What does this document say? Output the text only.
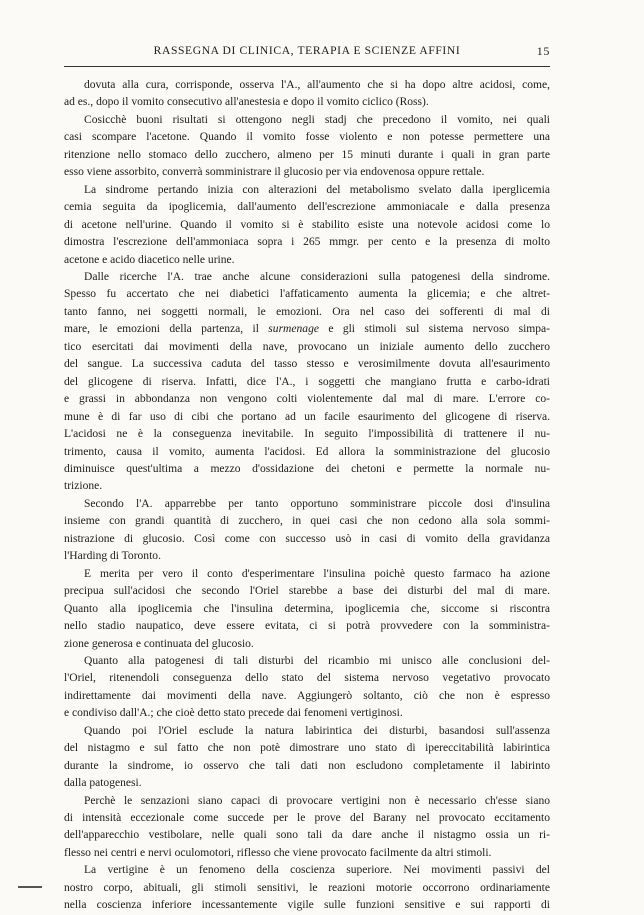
RASSEGNA DI CLINICA, TERAPIA E SCIENZE AFFINI	15

dovuta alla cura, corrisponde, osserva l'A., all'aumento che si ha dopo altre acidosi, come,
ad es., dopo il vomito consecutivo all'anestesia e dopo il vomito ciclico (Ross).

Cosicchè buoni risultati si ottengono negli stadj che precedono il vomito, nei quali
casi scompare l'acetone. Quando il vomito fosse violento e non potesse permettere una
ritenzione nello stomaco dello zucchero, almeno per 15 minuti durante i quali in gran parte
esso viene assorbito, converrà somministrare il glucosio per via endovenosa oppure rettale.

La sindrome pertando inizia con alterazioni del metabolismo svelato dalla iperglicemia
cemia seguita da ipoglicemia, dall'aumento dell'escrezione ammoniacale e dalla presenza
di acetone nell'urine. Quando il vomito si è stabilito esiste una notevole acidosi come lo
dimostra l'escrezione dell'ammoniaca sopra i 265 mmgr. per cento e la presenza di molto
acetone e acido diacetico nelle urine.

Dalle ricerche l'A. trae anche alcune considerazioni sulla patogenesi della sindrome.
Spesso fu accertato che nei diabetici l'affaticamento aumenta la glicemia; e che altret-
tanto fanno, nei soggetti normali, le emozioni. Ora nel caso dei sofferenti di mal di
mare, le emozioni della partenza, il surmenage e gli stimoli sul sistema nervoso simpa-
tico esercitati dai movimenti della nave, provocano un iniziale aumento dello zucchero
del sangue. La successiva caduta del tasso stesso e verosimilmente dovuta all'esaurimento
del glicogene di riserva. Infatti, dice l'A., i soggetti che mangiano frutta e carbo-idrati
e grassi in abbondanza non vengono colti violentemente dal mal di mare. L'errore co-
mune è di far uso di cibi che portano ad un facile esaurimento del glicogene di riserva.
L'acidosi ne è la conseguenza inevitabile. In seguito l'impossibilità di trattenere il nu-
trimento, causa il vomito, aumenta l'acidosi. Ed allora la somministrazione del glucosio
diminuisce quest'ultima a mezzo d'ossidazione dei chetoni e permette la normale nu-
trizione.

Secondo l'A. apparrebbe per tanto opportuno somministrare piccole dosi d'insulina
insieme con grandi quantità di zucchero, in quei casi che non cedono alla sola sommi-
nistrazione di glucosio. Così come con successo usò in casi di vomito della gravidanza
l'Harding di Toronto.

E merita per vero il conto d'esperimentare l'insulina poichè questo farmaco ha azione
precipua sull'acidosi che secondo l'Oriel starebbe a base dei disturbi del mal di mare.
Quanto alla ipoglicemia che l'insulina determina, ipoglicemia che, siccome si riscontra
nello stadio naupatico, deve essere evitata, ci si potrà provvedere con la somministra-
zione generosa e continuata del glucosio.

Quanto alla patogenesi di tali disturbi del ricambio mi unisco alle conclusioni del-
l'Oriel, ritenendoli conseguenza dello stato del sistema nervoso vegetativo provocato
indirettamente dai movimenti della nave. Aggiungerò soltanto, ciò che non è espresso
e condiviso dall'A.; che cioè detto stato precede dai fenomeni vertiginosi.

Quando poi l'Oriel esclude la natura labirintica dei disturbi, basandosi sull'assenza
del nistagmo e sul fatto che non potè dimostrare uno stato di ipereccitabilità labirintica
durante la sindrome, io osservo che tali dati non escludono completamente il labirinto
dalla patogenesi.

Perchè le senzazioni siano capaci di provocare vertigini non è necessario ch'esse siano
di intensità eccezionale come succede per le prove del Barany nel provocato eccitamento
dell'apparecchio vestibolare, nelle quali sono tali da dare anche il nistagmo ossia un ri-
flesso nei centri e nervi oculomotori, riflesso che viene provocato facilmente da altri stimoli.

La vertigine è un fenomeno della coscienza superiore. Nei movimenti passivi del
nostro corpo, abituali, gli stimoli sensitivi, le reazioni motorie occorrono ordinariamente
nella coscienza inferiore incessantemente vigile sulle funzioni sensitive e sui rapporti di
